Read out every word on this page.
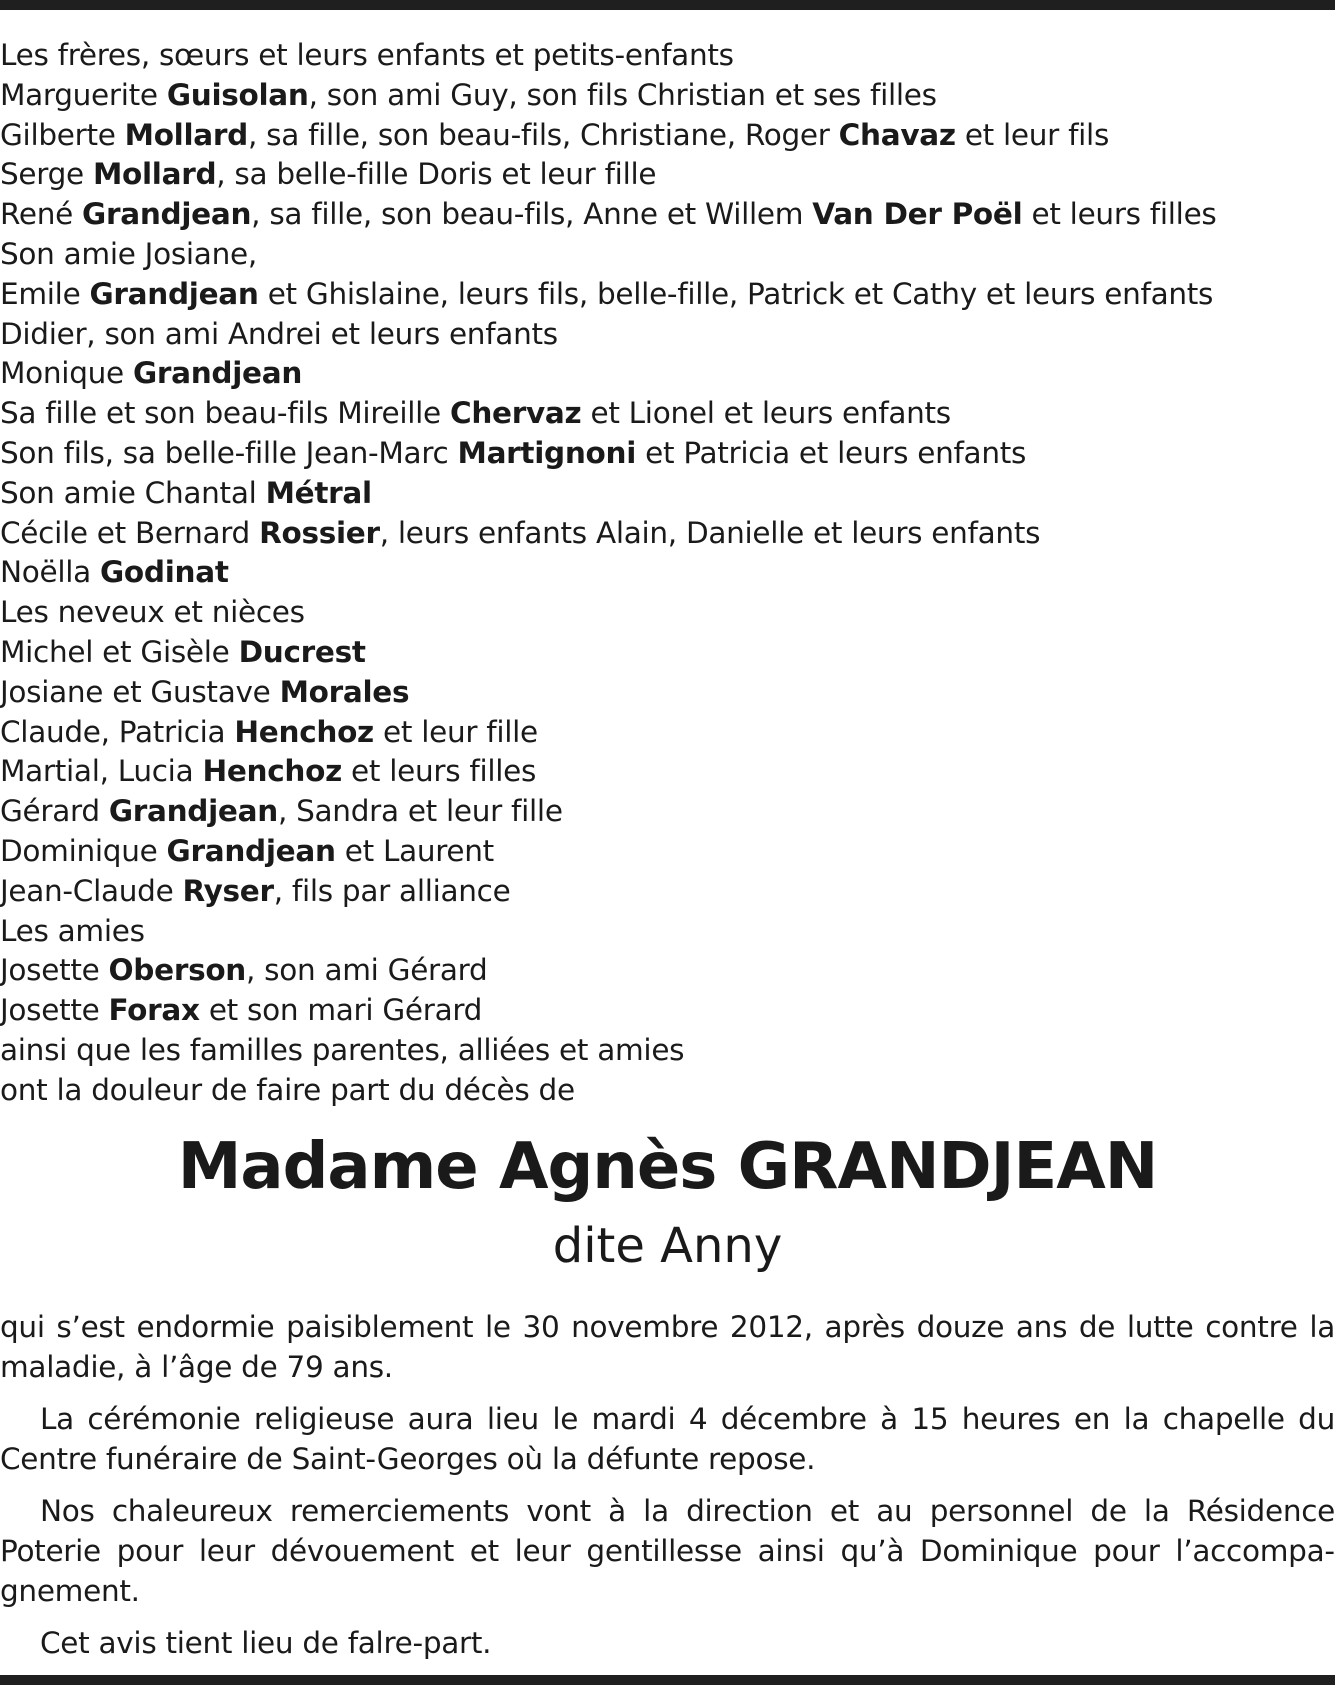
Les frères, sœurs et leurs enfants et petits-enfants
Marguerite Guisolan, son ami Guy, son fils Christian et ses filles
Gilberte Mollard, sa fille, son beau-fils, Christiane, Roger Chavaz et leur fils
Serge Mollard, sa belle-fille Doris et leur fille
René Grandjean, sa fille, son beau-fils, Anne et Willem Van Der Poël et leurs filles
Son amie Josiane,
Emile Grandjean et Ghislaine, leurs fils, belle-fille, Patrick et Cathy et leurs enfants
Didier, son ami Andrei et leurs enfants
Monique Grandjean
Sa fille et son beau-fils Mireille Chervaz et Lionel et leurs enfants
Son fils, sa belle-fille Jean-Marc Martignoni et Patricia et leurs enfants
Son amie Chantal Métral
Cécile et Bernard Rossier, leurs enfants Alain, Danielle et leurs enfants
Noëlla Godinat
Les neveux et nièces
Michel et Gisèle Ducrest
Josiane et Gustave Morales
Claude, Patricia Henchoz et leur fille
Martial, Lucia Henchoz et leurs filles
Gérard Grandjean, Sandra et leur fille
Dominique Grandjean et Laurent
Jean-Claude Ryser, fils par alliance
Les amies
Josette Oberson, son ami Gérard
Josette Forax et son mari Gérard
ainsi que les familles parentes, alliées et amies
ont la douleur de faire part du décès de
Madame Agnès GRANDJEAN
dite Anny

qui s’est endormie paisiblement le 30 novembre 2012, après douze ans de lutte contre la maladie, à l’âge de 79 ans.

La cérémonie religieuse aura lieu le mardi 4 décembre à 15 heures en la chapelle du Centre funéraire de Saint-Georges où la défunte repose.

Nos chaleureux remerciements vont à la direction et au personnel de la Résidence Poterie pour leur dévouement et leur gentillesse ainsi qu’à Dominique pour l’accompagnement.

Cet avis tient lieu de falre-part.
